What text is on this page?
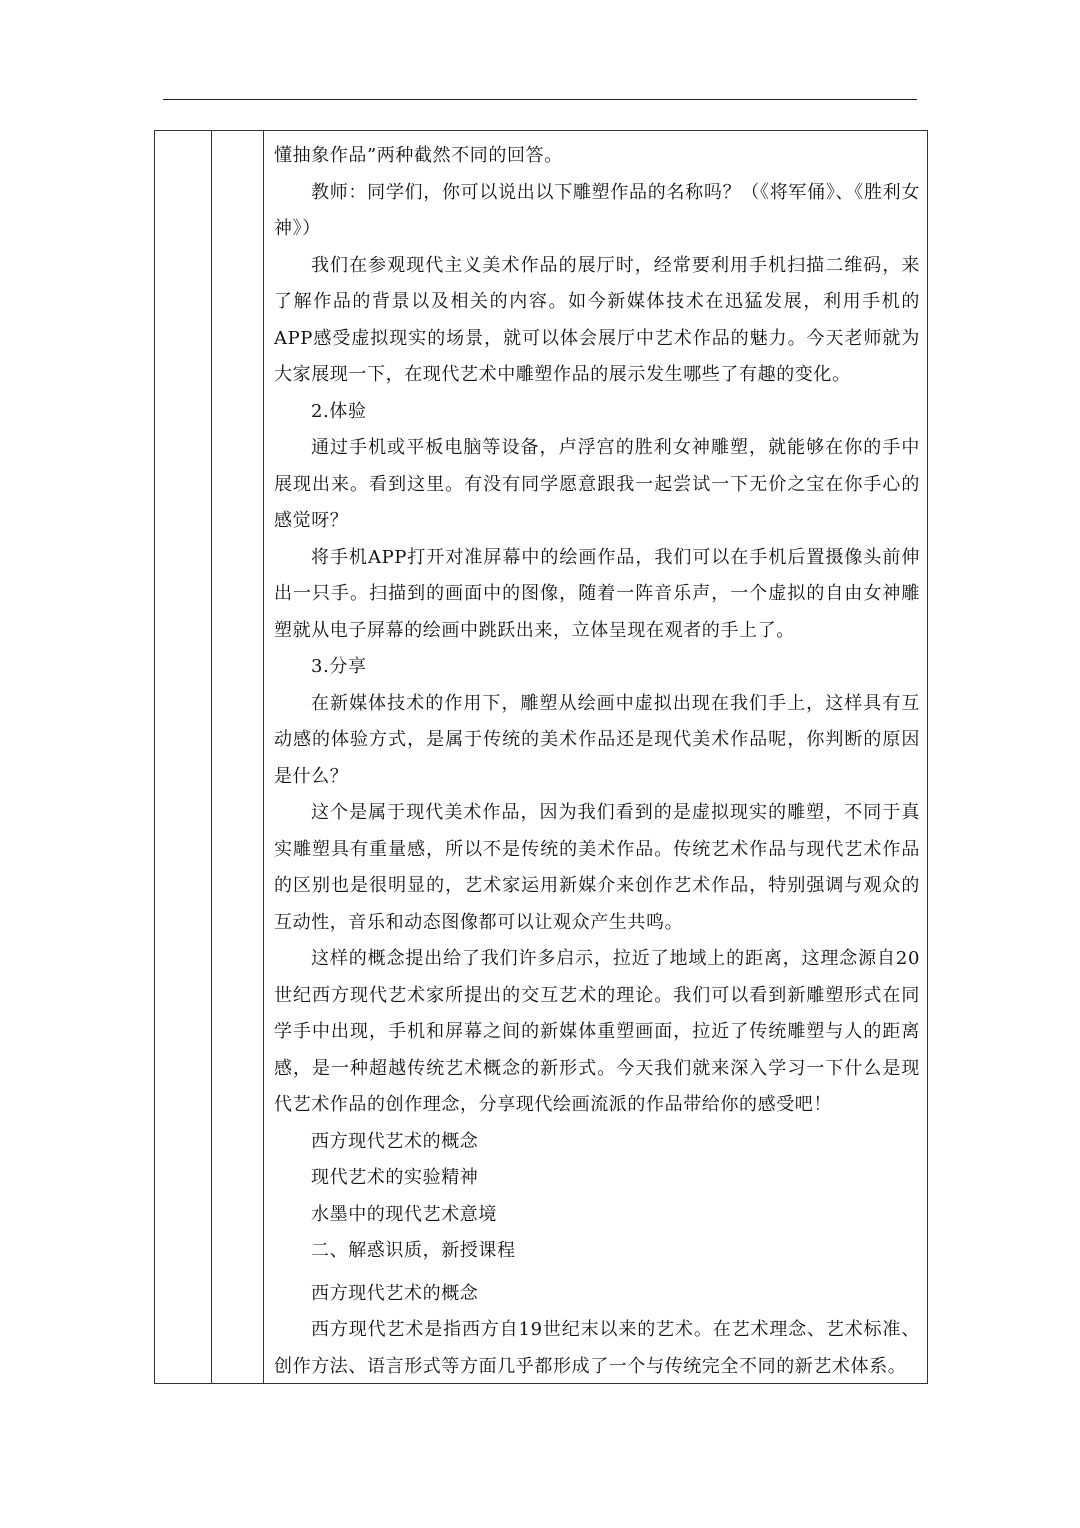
懂抽象作品”两种截然不同的回答。

教师：同学们，你可以说出以下雕塑作品的名称吗？（《将军俑》、《胜利女神》）

我们在参观现代主义美术作品的展厅时，经常要利用手机扫描二维码，来了解作品的背景以及相关的内容。如今新媒体技术在迅猛发展，利用手机的APP感受虚拟现实的场景，就可以体会展厅中艺术作品的魅力。今天老师就为大家展现一下，在现代艺术中雕塑作品的展示发生哪些了有趣的变化。

2.体验

通过手机或平板电脑等设备，卢浮宫的胜利女神雕塑，就能够在你的手中展现出来。看到这里。有没有同学愿意跟我一起尝试一下无价之宝在你手心的感觉呀？

将手机APP打开对准屏幕中的绘画作品，我们可以在手机后置摄像头前伸出一只手。扫描到的画面中的图像，随着一阵音乐声，一个虚拟的自由女神雕塑就从电子屏幕的绘画中跳跃出来，立体呈现在观者的手上了。

3.分享

在新媒体技术的作用下，雕塑从绘画中虚拟出现在我们手上，这样具有互动感的体验方式，是属于传统的美术作品还是现代美术作品呢，你判断的原因是什么？

这个是属于现代美术作品，因为我们看到的是虚拟现实的雕塑，不同于真实雕塑具有重量感，所以不是传统的美术作品。传统艺术作品与现代艺术作品的区别也是很明显的，艺术家运用新媒介来创作艺术作品，特别强调与观众的互动性，音乐和动态图像都可以让观众产生共鸣。

这样的概念提出给了我们许多启示，拉近了地域上的距离，这理念源自20世纪西方现代艺术家所提出的交互艺术的理论。我们可以看到新雕塑形式在同学手中出现，手机和屏幕之间的新媒体重塑画面，拉近了传统雕塑与人的距离感，是一种超越传统艺术概念的新形式。今天我们就来深入学习一下什么是现代艺术作品的创作理念，分享现代绘画流派的作品带给你的感受吧！

西方现代艺术的概念

现代艺术的实验精神

水墨中的现代艺术意境

二、解惑识质，新授课程

西方现代艺术的概念

西方现代艺术是指西方自19世纪末以来的艺术。在艺术理念、艺术标准、创作方法、语言形式等方面几乎都形成了一个与传统完全不同的新艺术体系。
